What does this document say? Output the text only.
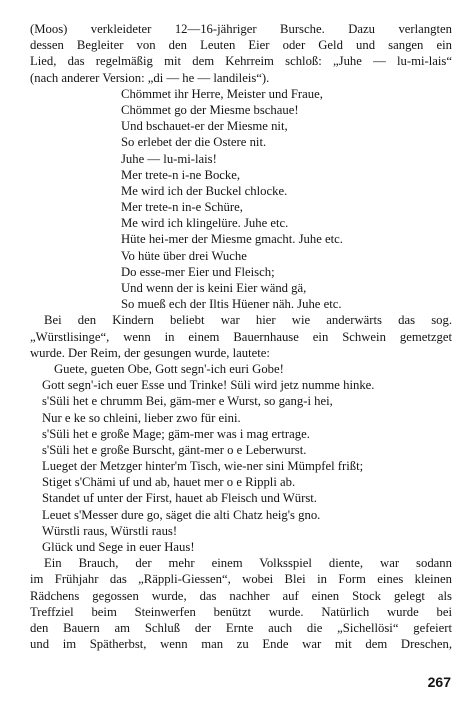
(Moos) verkleideter 12—16-jähriger Bursche. Dazu verlangten
dessen Begleiter von den Leuten Eier oder Geld und sangen ein
Lied, das regelmäßig mit dem Kehrreim schloß: „Juhe — lu-mi-lais“
(nach anderer Version: „di — he — landileis“).
Chömmet ihr Herre, Meister und Fraue,
Chömmet go der Miesme bschaue!
Und bschauet-er der Miesme nit,
So erlebet der die Ostere nit.
Juhe — lu-mi-lais!
Mer trete-n i-ne Bocke,
Me wird ich der Buckel chlocke.
Mer trete-n in-e Schüre,
Me wird ich klingelüre. Juhe etc.
Hüte hei-mer der Miesme gmacht. Juhe etc.
Vo hüte über drei Wuche
Do esse-mer Eier und Fleisch;
Und wenn der is keini Eier wänd gä,
So mueß ech der Iltis Hüener näh. Juhe etc.
Bei den Kindern beliebt war hier wie anderwärts das sog.
„Würstlisinge“, wenn in einem Bauernhause ein Schwein gemetzget
wurde. Der Reim, der gesungen wurde, lautete:
Guete, gueten Obe, Gott segn'-ich euri Gobe!
Gott segn'-ich euer Esse und Trinke! Süli wird jetz numme hinke.
s'Süli het e chrumm Bei, gäm-mer e Wurst, so gang-i hei,
Nur e ke so chleini, lieber zwo für eini.
s'Süli het e große Mage; gäm-mer was i mag ertrage.
s'Süli het e große Burscht, gänt-mer o e Leberwurst.
Lueget der Metzger hinter'm Tisch, wie-ner sini Mümpfel frißt;
Stiget s'Chämi uf und ab, hauet mer o e Rippli ab.
Standet uf unter der First, hauet ab Fleisch und Würst.
Leuet s'Messer dure go, säget die alti Chatz heig's gno.
Würstli raus, Würstli raus!
Glück und Sege in euer Haus!
Ein Brauch, der mehr einem Volksspiel diente, war sodann
im Frühjahr das „Räppli-Giessen“, wobei Blei in Form eines kleinen
Rädchens gegossen wurde, das nachher auf einen Stock gelegt als
Treffziel beim Steinwerfen benützt wurde. Natürlich wurde bei
den Bauern am Schluß der Ernte auch die „Sichellösi“ gefeiert
und im Spätherbst, wenn man zu Ende war mit dem Dreschen,
267
